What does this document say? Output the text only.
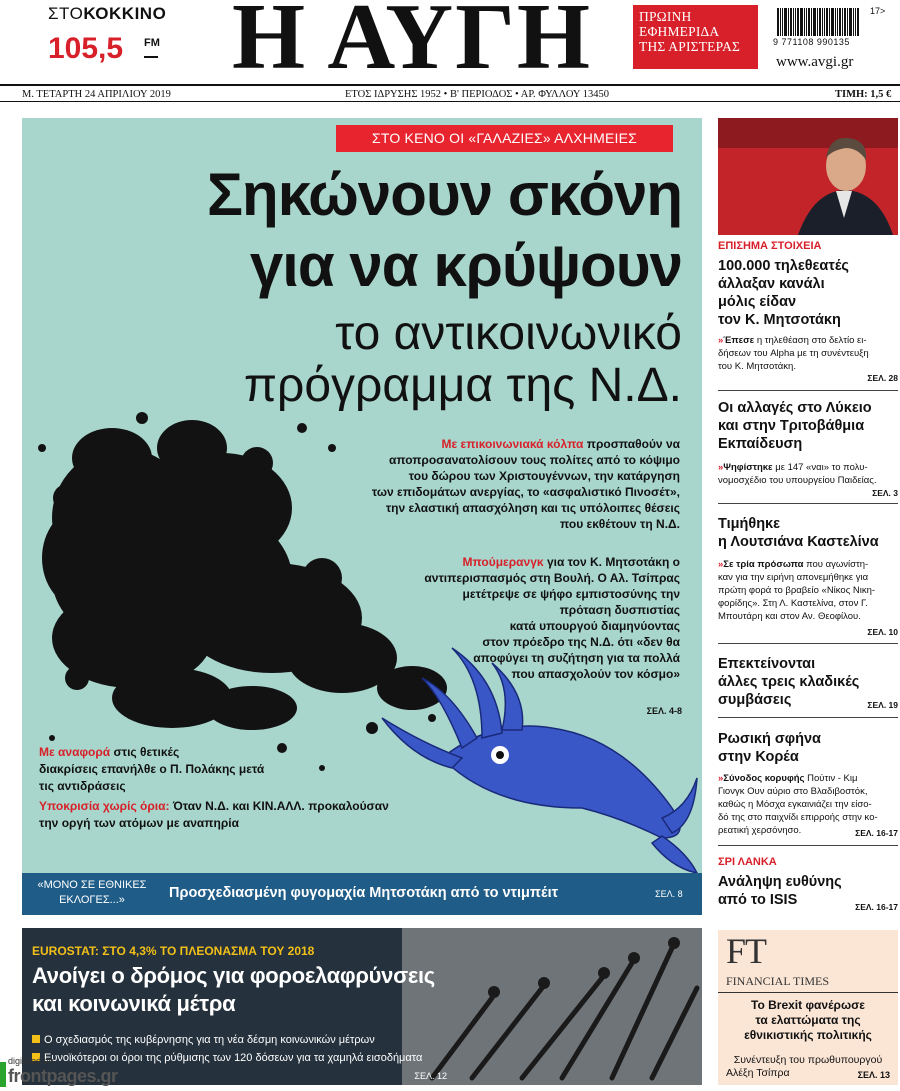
ΣΤΟΚΟΚΚΙΝΟ
105,5 FM Η ΑΥΓΗ	ΠΡΩΙΝΗ
ΕΦΗΜΕΡΙΔΑ
ΤΗΣ ΑΡΙΣΤΕΡΑΣ
17>
9 771108 990135
www.avgi.gr
Μ. ΤΕΤΑΡΤΗ 24 ΑΠΡΙΛΙΟΥ 2019	ΕΤΟΣ ΙΔΡΥΣΗΣ 1952 • Β' ΠΕΡΙΟΔΟΣ • ΑΡ. ΦΥΛΛΟΥ 13450	ΤΙΜΗ: 1,5 €
ΣΤΟ ΚΕΝΟ ΟΙ «ΓΑΛΑΖΙΕΣ» ΑΛΧΗΜΕΙΕΣ
Σηκώνουν σκόνη
για να κρύψουν
το αντικοινωνικό
πρόγραμμα της Ν.Δ.
Με επικοινωνιακά κόλπα προσπαθούν να
αποπροσανατολίσουν τους πολίτες από το κόψιμο
του δώρου των Χριστουγέννων, την κατάργηση
των επιδομάτων ανεργίας, το «ασφαλιστικό Πινοσέτ»,
την ελαστική απασχόληση και τις υπόλοιπες θέσεις
που εκθέτουν τη Ν.Δ.
Μπούμερανγκ για τον Κ. Μητσοτάκη ο
αντιπερισπασμός στη Βουλή. Ο Αλ. Τσίπρας
μετέτρεψε σε ψήφο εμπιστοσύνης την
πρόταση δυσπιστίας
κατά υπουργού διαμηνύοντας
στον πρόεδρο της Ν.Δ. ότι «δεν θα
αποφύγει τη συζήτηση για τα πολλά
που απασχολούν τον κόσμο»
ΣΕΛ. 4-8
Με αναφορά στις θετικές
διακρίσεις επανήλθε ο Π. Πολάκης μετά
τις αντιδράσεις
Υποκρισία χωρίς όρια: Όταν Ν.Δ. και ΚΙΝ.ΑΛΛ. προκαλούσαν
την οργή των ατόμων με αναπηρία
«ΜΟΝΟ ΣΕ ΕΘΝΙΚΕΣ
ΕΚΛΟΓΕΣ...»	Προσχεδιασμένη φυγομαχία Μητσοτάκη από το ντιμπέιτ	ΣΕΛ. 8
EUROSTAT: ΣΤΟ 4,3% ΤΟ ΠΛΕΟΝΑΣΜΑ ΤΟΥ 2018
Ανοίγει ο δρόμος για φοροελαφρύνσεις
και κοινωνικά μέτρα
Ο σχεδιασμός της κυβέρνησης για τη νέα δέσμη κοινωνικών μέτρων
Ευνοϊκότεροι οι όροι της ρύθμισης των 120 δόσεων για τα χαμηλά εισοδήματα
ΣΕΛ. 12
ΕΠΙΣΗΜΑ ΣΤΟΙΧΕΙΑ
100.000 τηλεθεατές
άλλαξαν κανάλι
μόλις είδαν
τον Κ. Μητσοτάκη
»Έπεσε η τηλεθέαση στο δελτίο ει-
δήσεων του Alpha με τη συνέντευξη
του Κ. Μητσοτάκη.
ΣΕΛ. 28
Οι αλλαγές στο Λύκειο
και στην Τριτοβάθμια
Εκπαίδευση
»Ψηφίστηκε με 147 «ναι» το πολυ-
νομοσχέδιο του υπουργείου Παιδείας.
ΣΕΛ. 3
Τιμήθηκε
η Λουτσιάνα Καστελίνα
»Σε τρία πρόσωπα που αγωνίστη-
καν για την ειρήνη απονεμήθηκε για
πρώτη φορά το βραβείο «Νίκος Νικη-
φορίδης». Στη Λ. Καστελίνα, στον Γ.
Μπουτάρη και στον Αν. Θεοφίλου.
ΣΕΛ. 10
Επεκτείνονται
άλλες τρεις κλαδικές
συμβάσεις	ΣΕΛ. 19
Ρωσική σφήνα
στην Κορέα
»Σύνοδος κορυφής Πούτιν - Κιμ
Γιονγκ Ουν αύριο στο Βλαδιβοστόκ,
καθώς η Μόσχα εγκαινιάζει την είσο-
δό της στο παιχνίδι επιρροής στην κο-
ρεατική χερσόνησο.	ΣΕΛ. 16-17
ΣΡΙ ΛΑΝΚΑ
Ανάληψη ευθύνης
από το ISIS	ΣΕΛ. 16-17
FT
FINANCIAL TIMES
Το Brexit φανέρωσε
τα ελαττώματα της
εθνικιστικής πολιτικής
Συνέντευξη του πρωθυπουργού
Αλέξη Τσίπρα	ΣΕΛ. 13
digitized by
frontpages.gr
